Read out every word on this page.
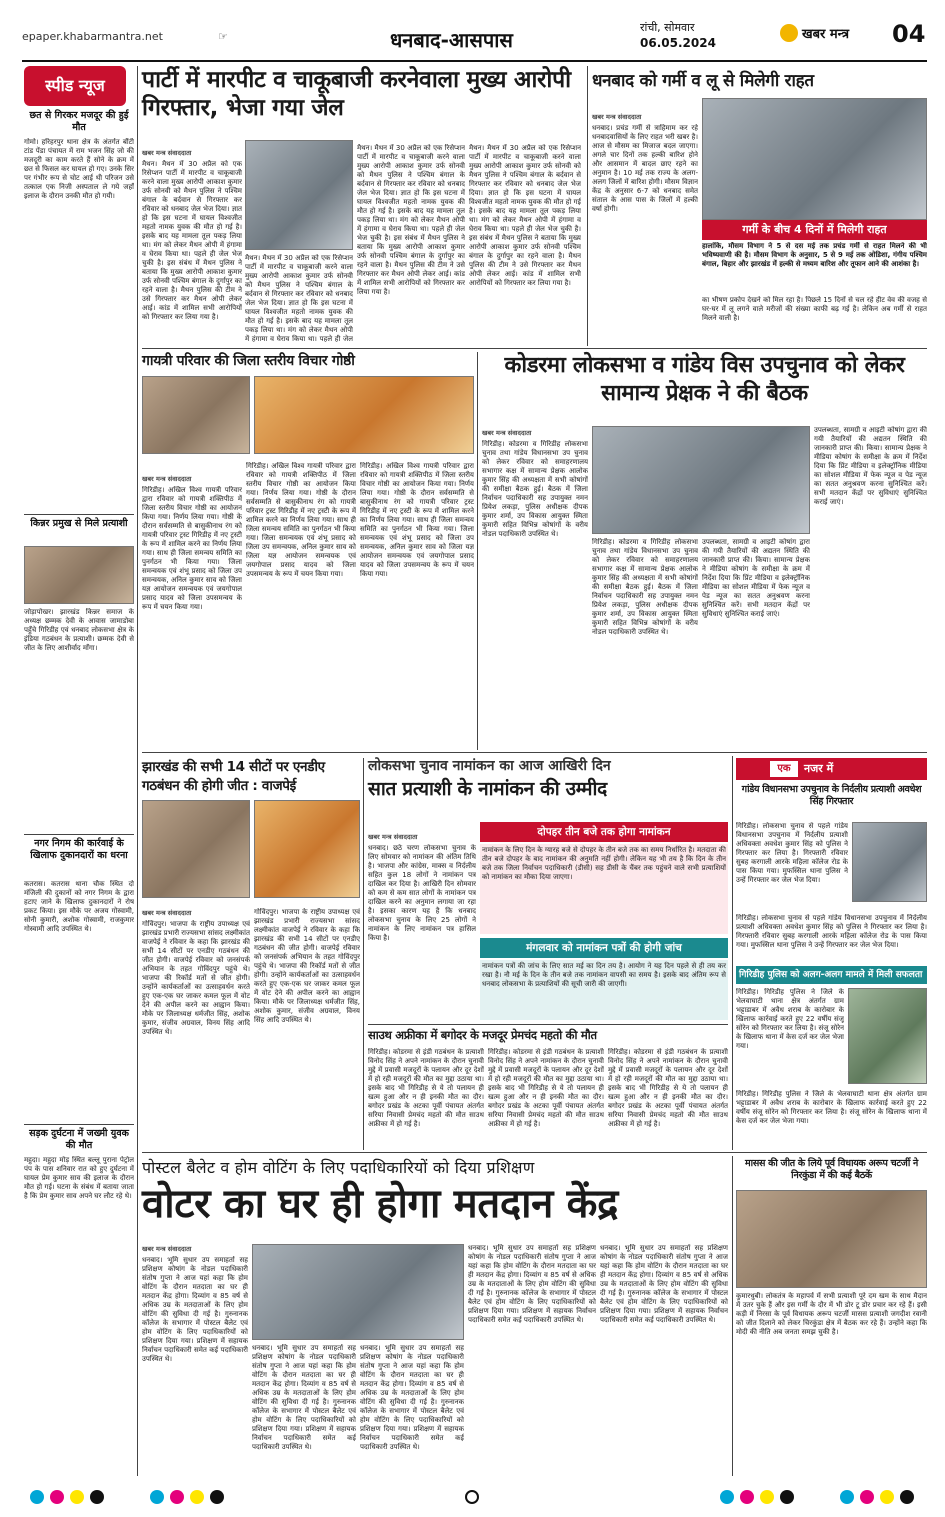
epaper.khabarmantra.net	☞	धनबाद-आसपास
रांची, सोमवार
06.05.2024
खबर मन्त्र 04
स्पीड न्यूज
छत से गिरकर मजदूर की हुई मौत
गोमो। हरिहरपुर थाना क्षेत्र के अंतर्गत बौंटी टांड पेंडा पंचायत में राम भजन सिंह जो की मजदूरी का काम करते हैं सोने के क्रम में छत से फिसल कर घायल हो गए। उनके सिर पर गंभीर रूप से चोट आई थी परिजन उसे तत्काल एक निजी अस्पताल ले गये जहाँ इलाज के दौरान उनकी मौत हो गयी।
किन्नर प्रमुख से मिले प्रत्याशी
जोड़ापोखर। झारखंड किन्नर समाज के अध्यक्ष छम्मक देवी के आवास जामाडोबा पहुँचे गिरिडीह एवं धनबाद लोकसभा क्षेत्र के इंडिया गठबंधन के प्रत्याशी। छम्मक देवी से जीत के लिए आशीर्वाद माँगा।
नगर निगम की कार्रवाई के खिलाफ दुकानदारों का धरना
कतरास। कतरास थाना चौक स्थित दो मंजिली की दुकानों को नगर निगम के द्वारा हटाए जाने के खिलाफ दुकानदारों ने रोष प्रकट किया। इस मौके पर अजय गोस्वामी, सोनी कुमारी, अशोक गोस्वामी, राजकुमार गोस्वामी आदि उपस्थित थे।
सड़क दुर्घटना में जख्मी युवक की मौत
महुदा। महुदा मोड़ स्थित बल्लू पुराना पेट्रोल पंप के पास शनिवार रात को हुए दुर्घटना में घायल प्रेम कुमार साव की इलाज के दौरान मौत हो गई। घटना के संबंध में बताया जाता है कि प्रेम कुमार साव अपने घर लौट रहे थे।
पार्टी में मारपीट व चाकूबाजी करनेवाला मुख्य आरोपी गिरफ्तार, भेजा गया जेल
खबर मन्त्र संवाददाता
मैथन। मैथन में 30 अप्रैल को एक रिसेप्शन पार्टी में मारपीट व चाकूबाजी करने वाला मुख्य आरोपी आकाश कुमार उर्फ सोनवी को मैथन पुलिस ने पश्चिम बंगाल के बर्दवान से गिरफ्तार कर रविवार को धनबाद जेल भेज दिया। ज्ञात हो कि इस घटना में घायल विश्वजीत महतो नामक युवक की मौत हो गई है। इसके बाद यह मामला तूल पकड़ लिया था। मंग को लेकर मैथन ओपी में हंगामा व घेराव किया था। पहले ही जेल भेज चुकी है। इस संबंध में मैथन पुलिस ने बताया कि मुख्य आरोपी आकाश कुमार उर्फ सोनवी पश्चिम बंगाल के दुर्गापुर का रहने वाला है। मैथन पुलिस की टीम ने उसे गिरफ्तार कर मैथन ओपी लेकर आई। कांड में शामिल सभी आरोपियों को गिरफ्तार कर लिया गया है।
मैथन। मैथन में 30 अप्रैल को एक रिसेप्शन पार्टी में मारपीट व चाकूबाजी करने वाला मुख्य आरोपी आकाश कुमार उर्फ सोनवी को मैथन पुलिस ने पश्चिम बंगाल के बर्दवान से गिरफ्तार कर रविवार को धनबाद जेल भेज दिया। ज्ञात हो कि इस घटना में घायल विश्वजीत महतो नामक युवक की मौत हो गई है। इसके बाद यह मामला तूल पकड़ लिया था। मंग को लेकर मैथन ओपी में हंगामा व घेराव किया था। पहले ही जेल
मैथन। मैथन में 30 अप्रैल को एक रिसेप्शन पार्टी में मारपीट व चाकूबाजी करने वाला मुख्य आरोपी आकाश कुमार उर्फ सोनवी को मैथन पुलिस ने पश्चिम बंगाल के बर्दवान से गिरफ्तार कर रविवार को धनबाद जेल भेज दिया। ज्ञात हो कि इस घटना में घायल विश्वजीत महतो नामक युवक की मौत हो गई है। इसके बाद यह मामला तूल पकड़ लिया था। मंग को लेकर मैथन ओपी में हंगामा व घेराव किया था। पहले ही जेल भेज चुकी है। इस संबंध में मैथन पुलिस ने बताया कि मुख्य आरोपी आकाश कुमार उर्फ सोनवी पश्चिम बंगाल के दुर्गापुर का रहने वाला है। मैथन पुलिस की टीम ने उसे गिरफ्तार कर मैथन ओपी लेकर आई। कांड में शामिल सभी आरोपियों को गिरफ्तार कर लिया गया है।
मैथन। मैथन में 30 अप्रैल को एक रिसेप्शन पार्टी में मारपीट व चाकूबाजी करने वाला मुख्य आरोपी आकाश कुमार उर्फ सोनवी को मैथन पुलिस ने पश्चिम बंगाल के बर्दवान से गिरफ्तार कर रविवार को धनबाद जेल भेज दिया। ज्ञात हो कि इस घटना में घायल विश्वजीत महतो नामक युवक की मौत हो गई है। इसके बाद यह मामला तूल पकड़ लिया था। मंग को लेकर मैथन ओपी में हंगामा व घेराव किया था। पहले ही जेल भेज चुकी है। इस संबंध में मैथन पुलिस ने बताया कि मुख्य आरोपी आकाश कुमार उर्फ सोनवी पश्चिम बंगाल के दुर्गापुर का रहने वाला है। मैथन पुलिस की टीम ने उसे गिरफ्तार कर मैथन ओपी लेकर आई। कांड में शामिल सभी आरोपियों को गिरफ्तार कर लिया गया है।
धनबाद को गर्मी व लू से मिलेगी राहत
खबर मन्त्र संवाददाता
धनबाद। प्रचंड गर्मी से त्राहिमाम कर रहे धनबादवासियों के लिए राहत भरी खबर है। आज से मौसम का मिजाज बदल जाएगा। अगले चार दिनों तक हल्की बारिश होने और आसमान में बादल छाए रहने का अनुमान है। 10 मई तक राज्य के अलग-अलग जिलों में बारिश होगी। मौसम विज्ञान केंद्र के अनुसार 6-7 को धनबाद समेत संताल के आस पास के जिलों में हल्की वर्षा होगी।
गर्मी के बीच 4 दिनों में मिलेगी राहत
हालांकि, मौसम विभाग ने 5 से दस मई तक प्रचंड गर्मी से राहत मिलने की भी भविष्यवाणी की है। मौसम विभाग के अनुसार, 5 से 9 मई तक ओडिशा, गंगीय पश्चिम बंगाल, बिहार और झारखंड में हल्की से मध्यम बारिश और तूफान आने की आशंका है।
का भीषण प्रकोप देखने को मिल रहा है। पिछले 15 दिनों से चल रहे हीट वेव की वजह से घर-घर में लू लगने वाले मरीजों की संख्या काफी बढ़ गई है। लेकिन अब गर्मी से राहत मिलने वाली है।
गायत्री परिवार की जिला स्तरीय विचार गोष्ठी
खबर मन्त्र संवाददाता
गिरिडीह। अखिल विश्व गायत्री परिवार द्वारा रविवार को गायत्री शक्तिपीठ में जिला स्तरीय विचार गोष्ठी का आयोजन किया गया। निर्णय लिया गया। गोष्ठी के दौरान सर्वसम्मति से बासुकीनाथ रंग को गायत्री परिवार ट्रस्ट गिरिडीह में नए ट्रस्टी के रूप में शामिल करने का निर्णय लिया गया। साथ ही जिला समन्वय समिति का पुनर्गठन भी किया गया। जिला समन्वयक एवं शंभू प्रसाद को जिला उप समन्वयक, अनिल कुमार साव को जिला यज्ञ आयोजन समन्वयक एवं जयगोपाल प्रसाद यादव को जिला उपसमन्वय के रूप में चयन किया गया।
गिरिडीह। अखिल विश्व गायत्री परिवार द्वारा रविवार को गायत्री शक्तिपीठ में जिला स्तरीय विचार गोष्ठी का आयोजन किया गया। निर्णय लिया गया। गोष्ठी के दौरान सर्वसम्मति से बासुकीनाथ रंग को गायत्री परिवार ट्रस्ट गिरिडीह में नए ट्रस्टी के रूप में शामिल करने का निर्णय लिया गया। साथ ही जिला समन्वय समिति का पुनर्गठन भी किया गया। जिला समन्वयक एवं शंभू प्रसाद को जिला उप समन्वयक, अनिल कुमार साव को जिला यज्ञ आयोजन समन्वयक एवं जयगोपाल प्रसाद यादव को जिला उपसमन्वय के रूप में चयन किया गया।
गिरिडीह। अखिल विश्व गायत्री परिवार द्वारा रविवार को गायत्री शक्तिपीठ में जिला स्तरीय विचार गोष्ठी का आयोजन किया गया। निर्णय लिया गया। गोष्ठी के दौरान सर्वसम्मति से बासुकीनाथ रंग को गायत्री परिवार ट्रस्ट गिरिडीह में नए ट्रस्टी के रूप में शामिल करने का निर्णय लिया गया। साथ ही जिला समन्वय समिति का पुनर्गठन भी किया गया। जिला समन्वयक एवं शंभू प्रसाद को जिला उप समन्वयक, अनिल कुमार साव को जिला यज्ञ आयोजन समन्वयक एवं जयगोपाल प्रसाद यादव को जिला उपसमन्वय के रूप में चयन किया गया।
कोडरमा लोकसभा व गांडेय विस उपचुनाव को लेकर सामान्य प्रेक्षक ने की बैठक
खबर मन्त्र संवाददाता
गिरिडीह। कोडरमा व गिरिडीह लोकसभा चुनाव तथा गांडेय विधानसभा उप चुनाव को लेकर रविवार को समाहरणालय सभागार कक्ष में सामान्य प्रेक्षक आलोक कुमार सिंह की अध्यक्षता में सभी कोषांगों की समीक्षा बैठक हुई। बैठक में जिला निर्वाचन पदाधिकारी सह उपायुक्त नमन प्रियेश लकड़ा, पुलिस अधीक्षक दीपक कुमार शर्मा, उप विकास आयुक्त स्मिता कुमारी सहित विभिन्न कोषांगों के वरीय नोडल पदाधिकारी उपस्थित थे।
गिरिडीह। कोडरमा व गिरिडीह लोकसभा चुनाव तथा गांडेय विधानसभा उप चुनाव को लेकर रविवार को समाहरणालय सभागार कक्ष में सामान्य प्रेक्षक आलोक कुमार सिंह की अध्यक्षता में सभी कोषांगों की समीक्षा बैठक हुई। बैठक में जिला निर्वाचन पदाधिकारी सह उपायुक्त नमन प्रियेश लकड़ा, पुलिस अधीक्षक दीपक कुमार शर्मा, उप विकास आयुक्त स्मिता कुमारी सहित विभिन्न कोषांगों के वरीय नोडल पदाधिकारी उपस्थित थे।
उपलब्धता, सामग्री व आइटी कोषांग द्वारा की गयी तैयारियों की अद्यतन स्थिति की जानकारी प्राप्त की। किया। सामान्य प्रेक्षक ने मीडिया कोषांग के समीक्षा के क्रम में निर्देश दिया कि प्रिंट मीडिया व इलेक्ट्रॉनिक मीडिया का सोशल मीडिया में फेक न्यूज व पेड न्यूज का सतत अनुश्रवण करना सुनिश्चित करें। सभी मतदान केंद्रों पर सुविधाएं सुनिश्चित कराई जाएं।
उपलब्धता, सामग्री व आइटी कोषांग द्वारा की गयी तैयारियों की अद्यतन स्थिति की जानकारी प्राप्त की। किया। सामान्य प्रेक्षक ने मीडिया कोषांग के समीक्षा के क्रम में निर्देश दिया कि प्रिंट मीडिया व इलेक्ट्रॉनिक मीडिया का सोशल मीडिया में फेक न्यूज व पेड न्यूज का सतत अनुश्रवण करना सुनिश्चित करें। सभी मतदान केंद्रों पर सुविधाएं सुनिश्चित कराई जाएं।
झारखंड की सभी 14 सीटों पर एनडीए गठबंधन की होगी जीत : वाजपेई
खबर मन्त्र संवाददाता
गोविंदपुर। भाजपा के राष्ट्रीय उपाध्यक्ष एवं झारखंड प्रभारी राज्यसभा सांसद लक्ष्मीकांत वाजपेई ने रविवार के कहा कि झारखंड की सभी 14 सीटों पर एनडीए गठबंधन की जीत होगी। वाजपेई रविवार को जनसंपर्क अभियान के तहत गोविंदपुर पहुंचे थे। भाजपा की रिकॉर्ड मतों से जीत होगी। उन्होंने कार्यकर्ताओं का उत्साहवर्धन करते हुए एक-एक घर जाकर कमल फूल में वोट देने की अपील करने का आह्वान किया। मौके पर जिलाध्यक्ष धर्मजीत सिंह, अशोक कुमार, संजीव अग्रवाल, विनय सिंह आदि उपस्थित थे।
गोविंदपुर। भाजपा के राष्ट्रीय उपाध्यक्ष एवं झारखंड प्रभारी राज्यसभा सांसद लक्ष्मीकांत वाजपेई ने रविवार के कहा कि झारखंड की सभी 14 सीटों पर एनडीए गठबंधन की जीत होगी। वाजपेई रविवार को जनसंपर्क अभियान के तहत गोविंदपुर पहुंचे थे। भाजपा की रिकॉर्ड मतों से जीत होगी। उन्होंने कार्यकर्ताओं का उत्साहवर्धन करते हुए एक-एक घर जाकर कमल फूल में वोट देने की अपील करने का आह्वान किया। मौके पर जिलाध्यक्ष धर्मजीत सिंह, अशोक कुमार, संजीव अग्रवाल, विनय सिंह आदि उपस्थित थे।
लोकसभा चुनाव नामांकन का आज आखिरी दिन
सात प्रत्याशी के नामांकन की उम्मीद
खबर मन्त्र संवाददाता
धनबाद। छठे चरण लोकसभा चुनाव के लिए सोमवार को नामांकन की अंतिम तिथि है। भाजपा और कांग्रेस, माक्स व निर्दलीय सहित कुल 18 लोगों ने नामांकन पत्र दाखिल कर दिया है। आखिरी दिन सोमवार को कम से कम सात लोगों के नामांकन पत्र दाखिल करने का अनुमान लगाया जा रहा है। इसका कारण यह है कि धनबाद लोकसभा चुनाव के लिए 25 लोगों ने नामांकन के लिए नामांकन पत्र हासिल किया है।
दोपहर तीन बजे तक होगा नामांकन
नामांकन के लिए दिन के ग्यारह बजे से दोपहर के तीन बजे तक का समय निर्धारित है। मतदाता की तीन बजे दोपहर के बाद नामांकन की अनुमति नहीं होगी। लेकिन यह भी तय है कि दिन के तीन बजे तक जिला निर्वाचन पदाधिकारी (डीसी) सह डीसी के चैंबर तक पहुंचने वाले सभी प्रत्याशियों को नामांकन का मौका दिया जाएगा।
मंगलवार को नामांकन पत्रों की होगी जांच
नामांकन पत्रों की जांच के लिए सात मई का दिन तय है। आयोग ने यह दिन पहले से ही तय कर रखा है। नौ मई के दिन के तीन बजे तक नामांकन वापसी का समय है। इसके बाद अंतिम रूप से धनबाद लोकसभा के प्रत्याशियों की सूची जारी की जाएगी।
साउथ अफ्रीका में बगोदर के मजदूर प्रेमचंद महतो की मौत
गिरिडीह। कोडरमा से इंडी गठबंधन के प्रत्याशी विनोद सिंह ने अपने नामांकन के दौरान चुनावी मुद्दे में प्रवासी मजदूरों के पलायन और दूर देशों में हो रही मजदूरों की मौत का मुद्दा उठाया था। इसके बाद भी गिरिडीह से ये तो पलायन ही खत्म हुआ और न ही इनकी मौत का दौर। बगोदर प्रखंड के अटका पूर्वी पंचायत अंतर्गत सरिया निवासी प्रेमचंद महतो की मौत साउथ अफ्रीका में हो गई है।
गिरिडीह। कोडरमा से इंडी गठबंधन के प्रत्याशी विनोद सिंह ने अपने नामांकन के दौरान चुनावी मुद्दे में प्रवासी मजदूरों के पलायन और दूर देशों में हो रही मजदूरों की मौत का मुद्दा उठाया था। इसके बाद भी गिरिडीह से ये तो पलायन ही खत्म हुआ और न ही इनकी मौत का दौर। बगोदर प्रखंड के अटका पूर्वी पंचायत अंतर्गत सरिया निवासी प्रेमचंद महतो की मौत साउथ अफ्रीका में हो गई है।
गिरिडीह। कोडरमा से इंडी गठबंधन के प्रत्याशी विनोद सिंह ने अपने नामांकन के दौरान चुनावी मुद्दे में प्रवासी मजदूरों के पलायन और दूर देशों में हो रही मजदूरों की मौत का मुद्दा उठाया था। इसके बाद भी गिरिडीह से ये तो पलायन ही खत्म हुआ और न ही इनकी मौत का दौर। बगोदर प्रखंड के अटका पूर्वी पंचायत अंतर्गत सरिया निवासी प्रेमचंद महतो की मौत साउथ अफ्रीका में हो गई है।
एक	नजर में
गांडेय विधानसभा उपचुनाव के निर्दलीय प्रत्याशी अवधेश सिंह गिरफ्तार
गिरिडीह। लोकसभा चुनाव से पहले गांडेय विधानसभा उपचुनाव में निर्दलीय प्रत्याशी अधिवक्ता अवधेश कुमार सिंह को पुलिस ने गिरफ्तार कर लिया है। गिरफ्तारी रविवार सुबह करगाली आरके महिला कॉलेज रोड के पास किया गया। मुफस्सिल थाना पुलिस ने उन्हें गिरफ्तार कर जेल भेज दिया।
गिरिडीह। लोकसभा चुनाव से पहले गांडेय विधानसभा उपचुनाव में निर्दलीय प्रत्याशी अधिवक्ता अवधेश कुमार सिंह को पुलिस ने गिरफ्तार कर लिया है। गिरफ्तारी रविवार सुबह करगाली आरके महिला कॉलेज रोड के पास किया गया। मुफस्सिल थाना पुलिस ने उन्हें गिरफ्तार कर जेल भेज दिया।
गिरिडीह पुलिस को अलग-अलग मामले में मिली सफलता
गिरिडीह। गिरिडीह पुलिस ने जिले के भेलवाघाटी थाना क्षेत्र अंतर्गत ग्राम भट्टाडाबर में अवैध शराब के कारोबार के खिलाफ कार्रवाई करते हुए 22 वर्षीय संजू सोरेन को गिरफ्तार कर लिया है। संजू सोरेन के खिलाफ थाना में केस दर्ज कर जेल भेजा गया।
गिरिडीह। गिरिडीह पुलिस ने जिले के भेलवाघाटी थाना क्षेत्र अंतर्गत ग्राम भट्टाडाबर में अवैध शराब के कारोबार के खिलाफ कार्रवाई करते हुए 22 वर्षीय संजू सोरेन को गिरफ्तार कर लिया है। संजू सोरेन के खिलाफ थाना में केस दर्ज कर जेल भेजा गया।
पोस्टल बैलेट व होम वोटिंग के लिए पदाधिकारियों को दिया प्रशिक्षण
वोटर का घर ही होगा मतदान केंद्र
खबर मन्त्र संवाददाता
धनबाद। भूमि सुधार उप समाहर्ता सह प्रशिक्षण कोषांग के नोडल पदाधिकारी संतोष गुप्ता ने आज यहां कहा कि होम वोटिंग के दौरान मतदाता का घर ही मतदान केंद्र होगा। दिव्यांग व 85 वर्ष से अधिक उम्र के मतदाताओं के लिए होम वोटिंग की सुविधा दी गई है। गुरुनानक कॉलेज के सभागार में पोस्टल बैलेट एवं होम वोटिंग के लिए पदाधिकारियों को प्रशिक्षण दिया गया। प्रशिक्षण में सहायक निर्वाचन पदाधिकारी समेत कई पदाधिकारी उपस्थित थे।
धनबाद। भूमि सुधार उप समाहर्ता सह प्रशिक्षण कोषांग के नोडल पदाधिकारी संतोष गुप्ता ने आज यहां कहा कि होम वोटिंग के दौरान मतदाता का घर ही मतदान केंद्र होगा। दिव्यांग व 85 वर्ष से अधिक उम्र के मतदाताओं के लिए होम वोटिंग की सुविधा दी गई है। गुरुनानक कॉलेज के सभागार में पोस्टल बैलेट एवं होम वोटिंग के लिए पदाधिकारियों को प्रशिक्षण दिया गया। प्रशिक्षण में सहायक निर्वाचन पदाधिकारी समेत कई पदाधिकारी उपस्थित थे।
धनबाद। भूमि सुधार उप समाहर्ता सह प्रशिक्षण कोषांग के नोडल पदाधिकारी संतोष गुप्ता ने आज यहां कहा कि होम वोटिंग के दौरान मतदाता का घर ही मतदान केंद्र होगा। दिव्यांग व 85 वर्ष से अधिक उम्र के मतदाताओं के लिए होम वोटिंग की सुविधा दी गई है। गुरुनानक कॉलेज के सभागार में पोस्टल बैलेट एवं होम वोटिंग के लिए पदाधिकारियों को प्रशिक्षण दिया गया। प्रशिक्षण में सहायक निर्वाचन पदाधिकारी समेत कई पदाधिकारी उपस्थित थे।
धनबाद। भूमि सुधार उप समाहर्ता सह प्रशिक्षण कोषांग के नोडल पदाधिकारी संतोष गुप्ता ने आज यहां कहा कि होम वोटिंग के दौरान मतदाता का घर ही मतदान केंद्र होगा। दिव्यांग व 85 वर्ष से अधिक उम्र के मतदाताओं के लिए होम वोटिंग की सुविधा दी गई है। गुरुनानक कॉलेज के सभागार में पोस्टल बैलेट एवं होम वोटिंग के लिए पदाधिकारियों को प्रशिक्षण दिया गया। प्रशिक्षण में सहायक निर्वाचन पदाधिकारी समेत कई पदाधिकारी उपस्थित थे।
धनबाद। भूमि सुधार उप समाहर्ता सह प्रशिक्षण कोषांग के नोडल पदाधिकारी संतोष गुप्ता ने आज यहां कहा कि होम वोटिंग के दौरान मतदाता का घर ही मतदान केंद्र होगा। दिव्यांग व 85 वर्ष से अधिक उम्र के मतदाताओं के लिए होम वोटिंग की सुविधा दी गई है। गुरुनानक कॉलेज के सभागार में पोस्टल बैलेट एवं होम वोटिंग के लिए पदाधिकारियों को प्रशिक्षण दिया गया। प्रशिक्षण में सहायक निर्वाचन पदाधिकारी समेत कई पदाधिकारी उपस्थित थे।
मासस की जीत के लिये पूर्व विधायक अरूप चटर्जी ने निरकुंडा में की कई बैठकें
कुमारधुबी। लोकतंत्र के महापर्व में सभी प्रत्याशी पूरे दम खम के साथ मैदान में उतर चुके हैं और इस गर्मी के दौर में भी डोर टू डोर प्रचार कर रहे हैं। इसी कड़ी में निरसा के पूर्व विधायक अरूप चटर्जी मासस प्रत्याशी जगदीश रवानी को जीत दिलाने को लेकर चिरकुंडा क्षेत्र में बैठक कर रहे हैं। उन्होंने कहा कि मोदी की नीति अब जनता समझ चुकी है।
